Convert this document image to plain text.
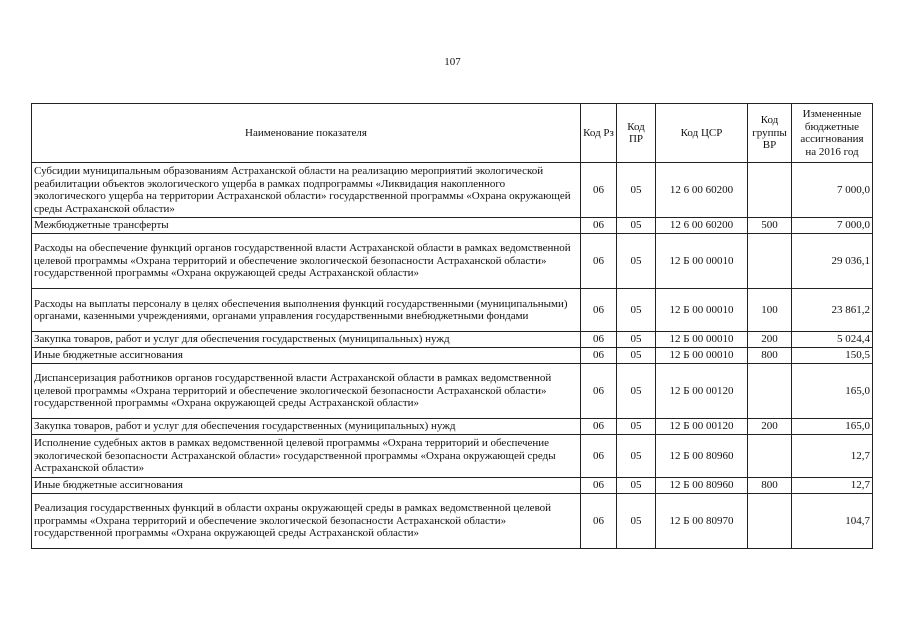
107
Наименование показателя	Код Рз	Код ПР	Код ЦСР	Код группы ВР	Измененные бюджетные ассигнования на 2016 год
Субсидии муниципальным образованиям Астраханской области на реализацию мероприятий экологической реабилитации объектов экологического ущерба в рамках подпрограммы «Ликвидация накопленного экологического ущерба на территории Астраханской области» государственной программы «Охрана окружающей среды Астраханской области»	06	05	12 6 00 60200		7 000,0
Межбюджетные трансферты	06	05	12 6 00 60200	500	7 000,0
Расходы на обеспечение функций органов государственной власти Астраханской области в рамках ведомственной целевой программы «Охрана территорий и обеспечение экологической безопасности Астраханской области» государственной программы «Охрана окружающей среды Астраханской области»	06	05	12 Б 00 00010		29 036,1
Расходы на выплаты персоналу в целях обеспечения выполнения функций государственными (муниципальными) органами, казенными учреждениями, органами управления государственными внебюджетными фондами	06	05	12 Б 00 00010	100	23 861,2
Закупка товаров, работ и услуг для обеспечения государственых (муниципальных) нужд	06	05	12 Б 00 00010	200	5 024,4
Иные бюджетные ассигнования	06	05	12 Б 00 00010	800	150,5
Диспансеризация работников органов государственной власти Астраханской области в рамках ведомственной целевой программы «Охрана территорий и обеспечение экологической безопасности Астраханской области» государственной программы «Охрана окружающей среды Астраханской области»	06	05	12 Б 00 00120		165,0
Закупка товаров, работ и услуг для обеспечения государственных (муниципальных) нужд	06	05	12 Б 00 00120	200	165,0
Исполнение судебных актов в рамках ведомственной целевой программы «Охрана территорий и обеспечение экологической безопасности Астраханской области» государственной программы «Охрана окружающей среды Астраханской области»	06	05	12 Б 00 80960		12,7
Иные бюджетные ассигнования	06	05	12 Б 00 80960	800	12,7
Реализация государственных функций в области охраны окружающей среды в рамках ведомственной целевой программы «Охрана территорий и обеспечение экологической безопасности Астраханской области» государственной программы «Охрана окружающей среды Астраханской области»	06	05	12 Б 00 80970		104,7
